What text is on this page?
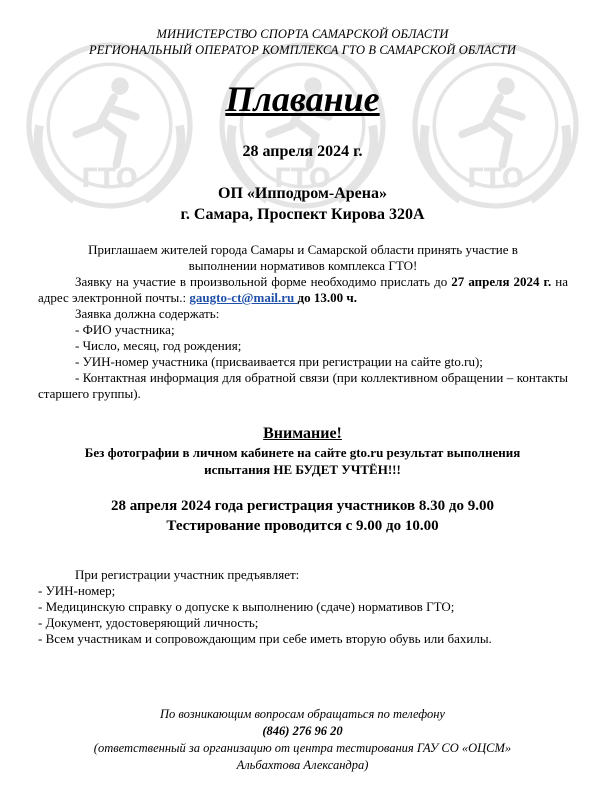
ГТО	ГТО	ГТО
МИНИСТЕРСТВО СПОРТА САМАРСКОЙ ОБЛАСТИ
РЕГИОНАЛЬНЫЙ ОПЕРАТОР КОМПЛЕКСА ГТО В САМАРСКОЙ ОБЛАСТИ
Плавание
28 апреля 2024 г.
ОП «Ипподром-Арена»
г. Самара, Проспект Кирова 320А
Приглашаем жителей города Самары и Самарской области принять участие в выполнении нормативов комплекса ГТО!
Заявку на участие в произвольной форме необходимо прислать до 27 апреля 2024 г. на адрес электронной почты.: gaugto-ct@mail.ru до 13.00 ч.
Заявка должна содержать:
- ФИО участника;
- Число, месяц, год рождения;
- УИН-номер участника (присваивается при регистрации на сайте gto.ru);
- Контактная информация для обратной связи (при коллективном обращении – контакты старшего группы).
Внимание!
Без фотографии в личном кабинете на сайте gto.ru результат выполнения
испытания НЕ БУДЕТ УЧТЁН!!!
28 апреля 2024 года регистрация участников 8.30 до 9.00
Тестирование проводится с 9.00 до 10.00
При регистрации участник предъявляет:
- УИН-номер;
- Медицинскую справку о допуске к выполнению (сдаче) нормативов ГТО;
- Документ, удостоверяющий личность;
- Всем участникам и сопровождающим при себе иметь вторую обувь или бахилы.
По возникающим вопросам обращаться по телефону
(846) 276 96 20
(ответственный за организацию от центра тестирования ГАУ СО «ОЦСМ»
Альбахтова Александра)
